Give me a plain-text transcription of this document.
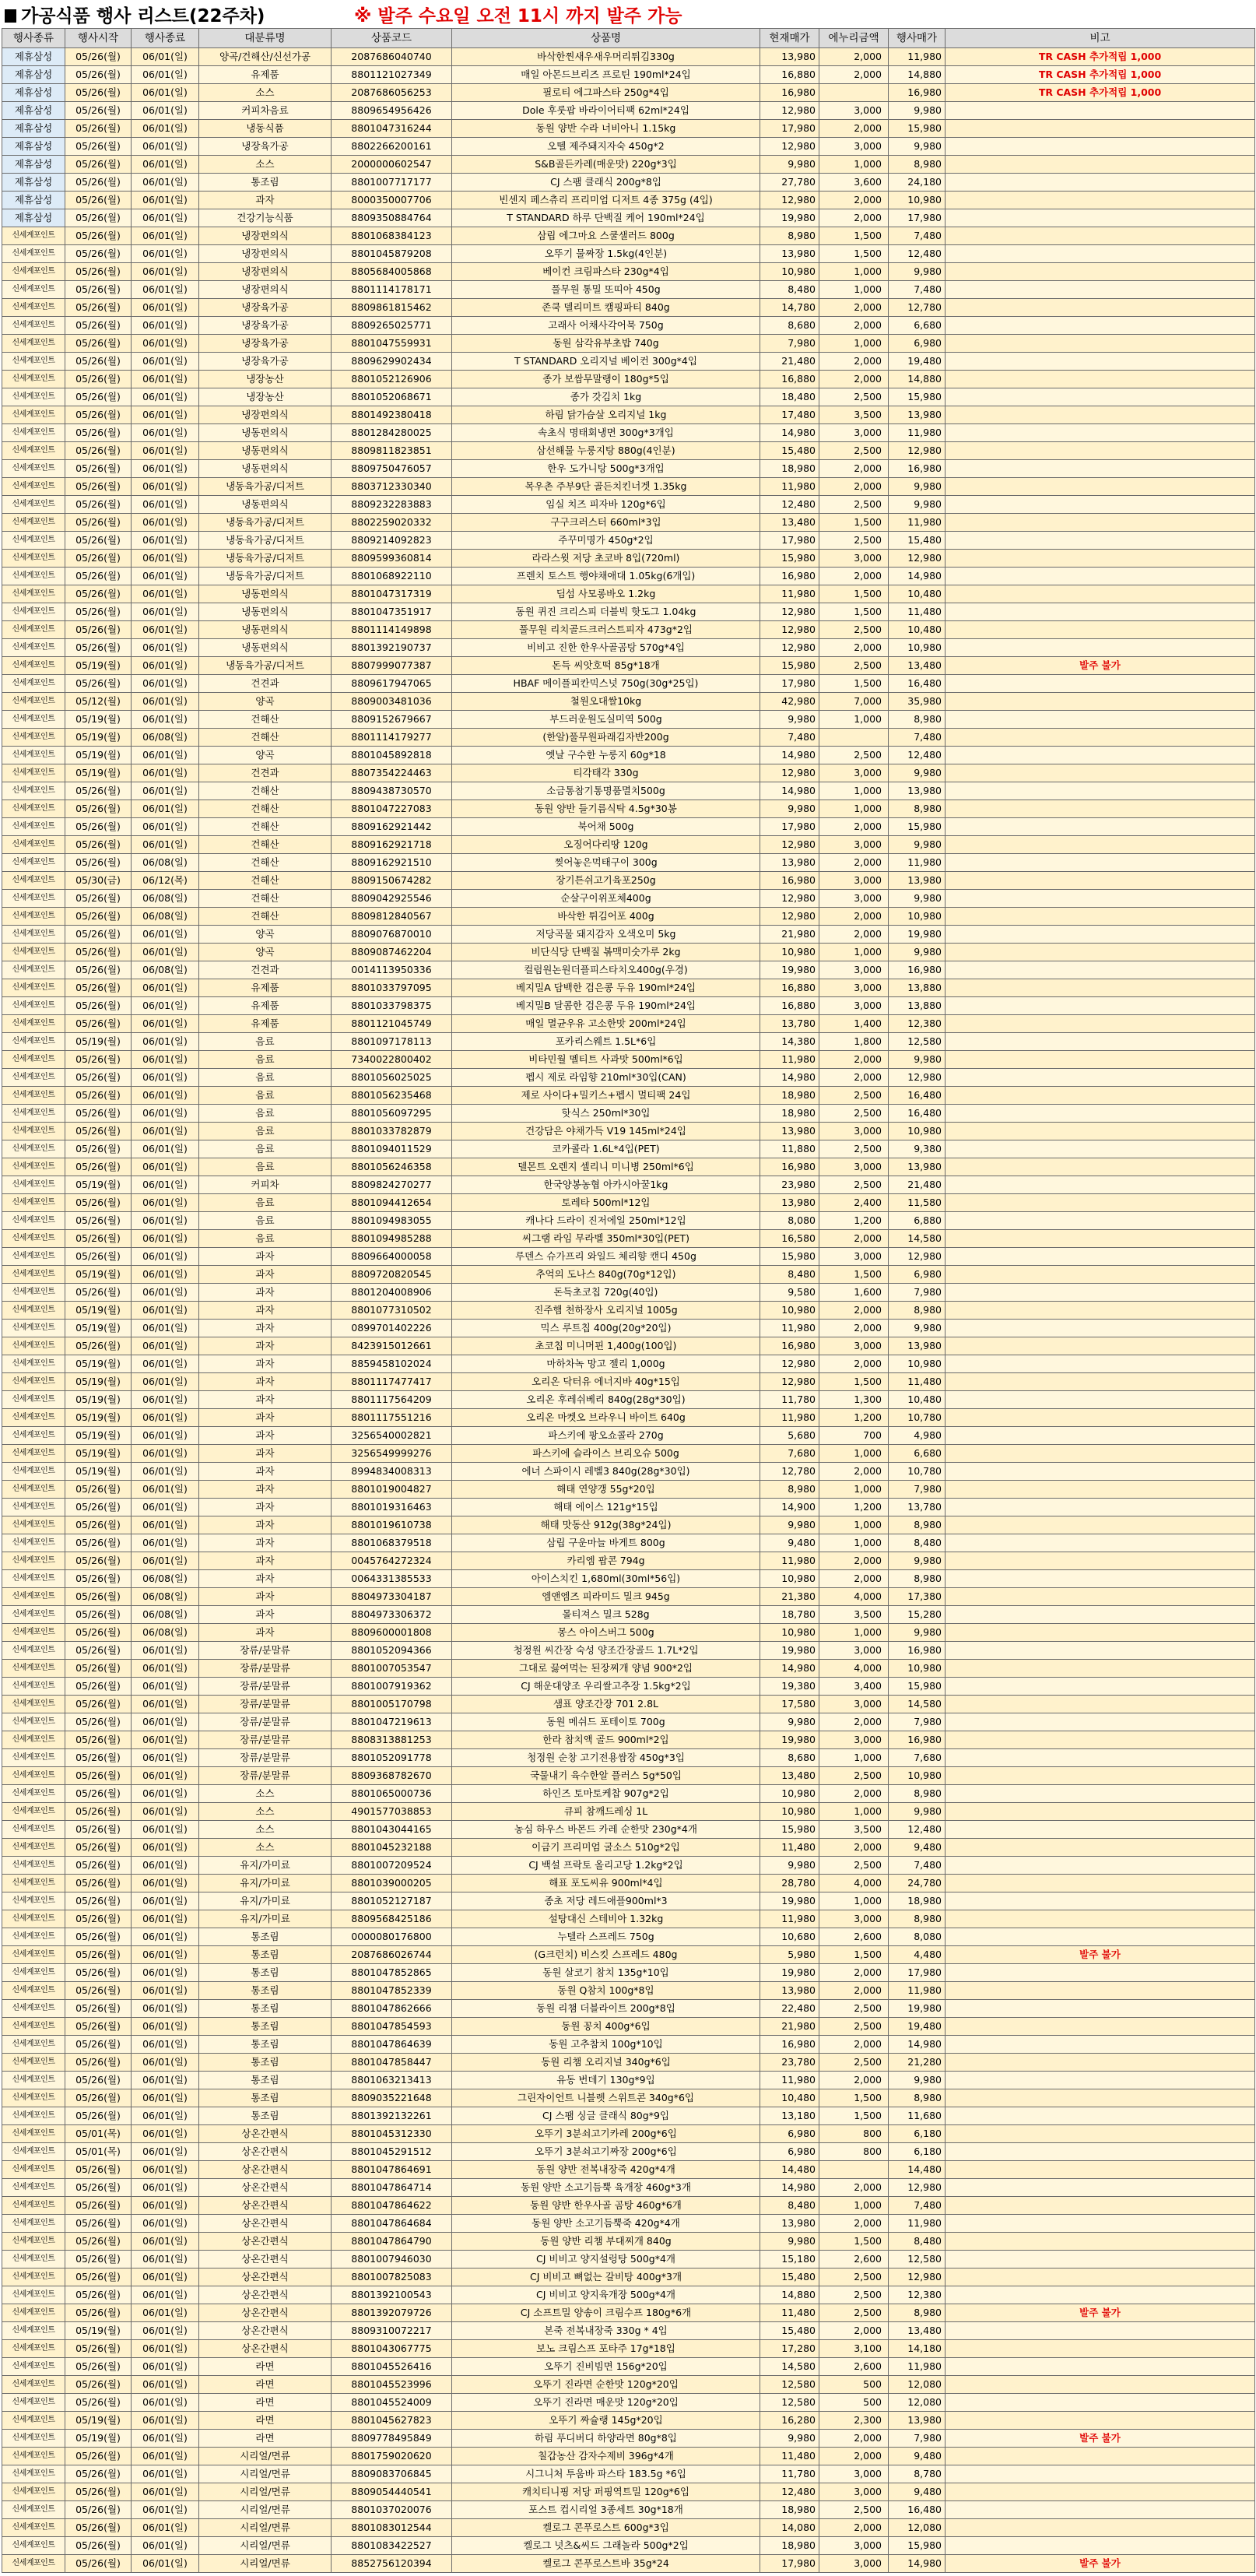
가공식품 행사 리스트(22주차)	※ 발주 수요일 오전 11시 까지 발주 가능
행사종류	행사시작	행사종료	대분류명	상품코드	상품명	현재매가	에누리금액	행사매가	비고
제휴삼성	05/26(월)	06/01(일)	양곡/건해산/신선가공	2087686040740	바삭한찐새우새우머리튀김330g	13,980	2,000	11,980	TR CASH 추가적립 1,000
제휴삼성	05/26(월)	06/01(일)	유제품	8801121027349	매일 아몬드브리즈 프로틴 190ml*24입	16,880	2,000	14,880	TR CASH 추가적립 1,000
제휴삼성	05/26(월)	06/01(일)	소스	2087686056253	필로티 에그파스타 250g*4입	16,980		16,980	TR CASH 추가적립 1,000
제휴삼성	05/26(월)	06/01(일)	커피차음료	8809654956426	Dole 후룻팝 바라이어티팩 62ml*24입	12,980	3,000	9,980	
제휴삼성	05/26(월)	06/01(일)	냉동식품	8801047316244	동원 양반 수라 너비아니 1.15kg	17,980	2,000	15,980	
제휴삼성	05/26(월)	06/01(일)	냉장육가공	8802266200161	오뗄 제주돼지자숙 450g*2	12,980	3,000	9,980	
제휴삼성	05/26(월)	06/01(일)	소스	2000000602547	S&B골든카레(매운맛) 220g*3입	9,980	1,000	8,980	
제휴삼성	05/26(월)	06/01(일)	통조림	8801007717177	CJ 스팸 클래식 200g*8입	27,780	3,600	24,180	
제휴삼성	05/26(월)	06/01(일)	과자	8000350007706	빈센지 페스츄리 프리미엄 디저트 4종 375g (4입)	12,980	2,000	10,980	
제휴삼성	05/26(월)	06/01(일)	건강기능식품	8809350884764	T STANDARD 하루 단백질 케어 190ml*24입	19,980	2,000	17,980	
신세계포인트	05/26(월)	06/01(일)	냉장편의식	8801068384123	삼립 에그마요 스쿨샐러드 800g	8,980	1,500	7,480	
신세계포인트	05/26(월)	06/01(일)	냉장편의식	8801045879208	오뚜기 물짜장 1.5kg(4인분)	13,980	1,500	12,480	
신세계포인트	05/26(월)	06/01(일)	냉장편의식	8805684005868	베이컨 크림파스타 230g*4입	10,980	1,000	9,980	
신세계포인트	05/26(월)	06/01(일)	냉장편의식	8801114178171	풀무원 통밀 또띠아 450g	8,480	1,000	7,480	
신세계포인트	05/26(월)	06/01(일)	냉장육가공	8809861815462	존쿡 델리미트 캠핑파티 840g	14,780	2,000	12,780	
신세계포인트	05/26(월)	06/01(일)	냉장육가공	8809265025771	고래사 어채사각어묵 750g	8,680	2,000	6,680	
신세계포인트	05/26(월)	06/01(일)	냉장육가공	8801047559931	동원 삼각유부초밥 740g	7,980	1,000	6,980	
신세계포인트	05/26(월)	06/01(일)	냉장육가공	8809629902434	T STANDARD 오리지널 베이컨 300g*4입	21,480	2,000	19,480	
신세계포인트	05/26(월)	06/01(일)	냉장농산	8801052126906	종가 보쌈무말랭이 180g*5입	16,880	2,000	14,880	
신세계포인트	05/26(월)	06/01(일)	냉장농산	8801052068671	종가 갓김치 1kg	18,480	2,500	15,980	
신세계포인트	05/26(월)	06/01(일)	냉장편의식	8801492380418	하림 닭가슴살 오리지널 1kg	17,480	3,500	13,980	
신세계포인트	05/26(월)	06/01(일)	냉동편의식	8801284280025	속초식 명태회냉면 300g*3개입	14,980	3,000	11,980	
신세계포인트	05/26(월)	06/01(일)	냉동편의식	8809811823851	삼선해물 누룽지탕 880g(4인분)	15,480	2,500	12,980	
신세계포인트	05/26(월)	06/01(일)	냉동편의식	8809750476057	한우 도가니탕 500g*3개입	18,980	2,000	16,980	
신세계포인트	05/26(월)	06/01(일)	냉동육가공/디저트	8803712330340	목우촌 주부9단 골든치킨너겟 1.35kg	11,980	2,000	9,980	
신세계포인트	05/26(월)	06/01(일)	냉동편의식	8809232283883	임실 치즈 피자바 120g*6입	12,480	2,500	9,980	
신세계포인트	05/26(월)	06/01(일)	냉동육가공/디저트	8802259020332	구구크러스터 660ml*3입	13,480	1,500	11,980	
신세계포인트	05/26(월)	06/01(일)	냉동육가공/디저트	8809214092823	주꾸미명가 450g*2입	17,980	2,500	15,480	
신세계포인트	05/26(월)	06/01(일)	냉동육가공/디저트	8809599360814	라라스윗 저당 초코바 8입(720ml)	15,980	3,000	12,980	
신세계포인트	05/26(월)	06/01(일)	냉동육가공/디저트	8801068922110	프렌치 토스트 행야채애대 1.05kg(6개입)	16,980	2,000	14,980	
신세계포인트	05/26(월)	06/01(일)	냉동편의식	8801047317319	딤섬 사모롱바오 1.2kg	11,980	1,500	10,480	
신세계포인트	05/26(월)	06/01(일)	냉동편의식	8801047351917	동원 퀴진 크리스피 더블빅 핫도그 1.04kg	12,980	1,500	11,480	
신세계포인트	05/26(월)	06/01(일)	냉동편의식	8801114149898	풀무원 리치골드크러스트피자 473g*2입	12,980	2,500	10,480	
신세계포인트	05/26(월)	06/01(일)	냉동편의식	8801392190737	비비고 진한 한우사골곰탕 570g*4입	12,980	2,000	10,980	
신세계포인트	05/19(월)	06/01(일)	냉동육가공/디저트	8807999077387	돈득 씨앗호떡 85g*18개	15,980	2,500	13,480	발주 불가
신세계포인트	05/26(월)	06/01(일)	건견과	8809617947065	HBAF 메이플피칸믹스넛 750g(30g*25입)	17,980	1,500	16,480	
신세계포인트	05/12(월)	06/01(일)	양곡	8809003481036	철원오대쌀10kg	42,980	7,000	35,980	
신세계포인트	05/19(월)	06/01(일)	건해산	8809152679667	부드러운원도실미역 500g	9,980	1,000	8,980	
신세계포인트	05/19(월)	06/08(일)	건해산	8801114179277	(한알)풀무원파래김자반200g	7,480		7,480	
신세계포인트	05/19(월)	06/01(일)	양곡	8801045892818	옛날 구수한 누룽지 60g*18	14,980	2,500	12,480	
신세계포인트	05/19(월)	06/01(일)	건견과	8807354224463	티각태각 330g	12,980	3,000	9,980	
신세계포인트	05/26(월)	06/01(일)	건해산	8809438730570	소금통참기통명품멸치500g	14,980	1,000	13,980	
신세계포인트	05/26(월)	06/01(일)	건해산	8801047227083	동원 양반 들기름식탁 4.5g*30봉	9,980	1,000	8,980	
신세계포인트	05/26(월)	06/01(일)	건해산	8809162921442	북어채 500g	17,980	2,000	15,980	
신세계포인트	05/26(월)	06/01(일)	건해산	8809162921718	오징어다리땅 120g	12,980	3,000	9,980	
신세계포인트	05/26(월)	06/08(일)	건해산	8809162921510	찢어놓은먹태구이 300g	13,980	2,000	11,980	
신세계포인트	05/30(금)	06/12(목)	건해산	8809150674282	장기튼쉬고기육포250g	16,980	3,000	13,980	
신세계포인트	05/26(월)	06/08(일)	건해산	8809042925546	순살구이위포체400g	12,980	3,000	9,980	
신세계포인트	05/26(월)	06/08(일)	건해산	8809812840567	바삭한 튀김어포 400g	12,980	2,000	10,980	
신세계포인트	05/26(월)	06/01(일)	양곡	8809076870010	저당곡물 돼지감자 오색오미 5kg	21,980	2,000	19,980	
신세계포인트	05/26(월)	06/01(일)	양곡	8809087462204	비단식당 단백질 볶맥미숫가루 2kg	10,980	1,000	9,980	
신세계포인트	05/26(월)	06/08(일)	건견과	0014113950336	컬럼원논원더플피스타치오400g(우경)	19,980	3,000	16,980	
신세계포인트	05/26(월)	06/01(일)	유제품	8801033797095	베지밀A 담백한 검은콩 두유 190ml*24입	16,880	3,000	13,880	
신세계포인트	05/26(월)	06/01(일)	유제품	8801033798375	베지밀B 달콤한 검은콩 두유 190ml*24입	16,880	3,000	13,880	
신세계포인트	05/26(월)	06/01(일)	유제품	8801121045749	매일 멸균우유 고소한맛 200ml*24입	13,780	1,400	12,380	
신세계포인트	05/19(월)	06/01(일)	음료	8801097178113	포카리스웨트 1.5L*6입	14,380	1,800	12,580	
신세계포인트	05/26(월)	06/01(일)	음료	7340022800402	비타민월 멜티트 사과맛 500ml*6입	11,980	2,000	9,980	
신세계포인트	05/26(월)	06/01(일)	음료	8801056025025	펩시 제로 라임향 210ml*30입(CAN)	14,980	2,000	12,980	
신세계포인트	05/26(월)	06/01(일)	음료	8801056235468	제로 사이다+밀키스+펩시 멀티팩 24입	18,980	2,500	16,480	
신세계포인트	05/26(월)	06/01(일)	음료	8801056097295	핫식스 250ml*30입	18,980	2,500	16,480	
신세계포인트	05/26(월)	06/01(일)	음료	8801033782879	건강담은 야채가득 V19 145ml*24입	13,980	3,000	10,980	
신세계포인트	05/26(월)	06/01(일)	음료	8801094011529	코카콜라 1.6L*4입(PET)	11,880	2,500	9,380	
신세계포인트	05/26(월)	06/01(일)	음료	8801056246358	델몬트 오렌지 셀리니 미니병 250ml*6입	16,980	3,000	13,980	
신세계포인트	05/19(월)	06/01(일)	커피차	8809824270277	한국양봉농협 아카시아꿀1kg	23,980	2,500	21,480	
신세계포인트	05/26(월)	06/01(일)	음료	8801094412654	토레타 500ml*12입	13,980	2,400	11,580	
신세계포인트	05/26(월)	06/01(일)	음료	8801094983055	캐나다 드라이 진저에일 250ml*12입	8,080	1,200	6,880	
신세계포인트	05/26(월)	06/01(일)	음료	8801094985288	씨그램 라임 무라벨 350ml*30입(PET)	16,580	2,000	14,580	
신세계포인트	05/26(월)	06/01(일)	과자	8809664000058	루덴스 슈가프리 와일드 체리향 캔디 450g	15,980	3,000	12,980	
신세계포인트	05/19(월)	06/01(일)	과자	8809720820545	추억의 도나스 840g(70g*12입)	8,480	1,500	6,980	
신세계포인트	05/26(월)	06/01(일)	과자	8801204008906	돈득초코칩 720g(40입)	9,580	1,600	7,980	
신세계포인트	05/19(월)	06/01(일)	과자	8801077310502	진주햄 천하장사 오리지널 1005g	10,980	2,000	8,980	
신세계포인트	05/19(월)	06/01(일)	과자	0899701402226	믹스 루트칩 400g(20g*20입)	11,980	2,000	9,980	
신세계포인트	05/26(월)	06/01(일)	과자	8423915012661	초코칩 미니머핀 1,400g(100입)	16,980	3,000	13,980	
신세계포인트	05/19(월)	06/01(일)	과자	8859458102024	마하차녹 망고 젤리 1,000g	12,980	2,000	10,980	
신세계포인트	05/19(월)	06/01(일)	과자	8801117477417	오리온 닥터유 에너지바 40g*15입	12,980	1,500	11,480	
신세계포인트	05/19(월)	06/01(일)	과자	8801117564209	오리온 후레쉬베리 840g(28g*30입)	11,780	1,300	10,480	
신세계포인트	05/19(월)	06/01(일)	과자	8801117551216	오리온 마켓오 브라우니 바이트 640g	11,980	1,200	10,780	
신세계포인트	05/19(월)	06/01(일)	과자	3256540002821	파스키에 팡오쇼콜라 270g	5,680	700	4,980	
신세계포인트	05/19(월)	06/01(일)	과자	3256549999276	파스키에 슬라이스 브리오슈 500g	7,680	1,000	6,680	
신세계포인트	05/19(월)	06/01(일)	과자	8994834008313	에너 스파이시 레벨3 840g(28g*30입)	12,780	2,000	10,780	
신세계포인트	05/26(월)	06/01(일)	과자	8801019004827	해태 연양갱 55g*20입	8,980	1,000	7,980	
신세계포인트	05/26(월)	06/01(일)	과자	8801019316463	해태 에이스 121g*15입	14,900	1,200	13,780	
신세계포인트	05/26(월)	06/01(일)	과자	8801019610738	해태 맛동산 912g(38g*24입)	9,980	1,000	8,980	
신세계포인트	05/26(월)	06/01(일)	과자	8801068379518	삼립 구운마늘 바게트 800g	9,480	1,000	8,480	
신세계포인트	05/26(월)	06/01(일)	과자	0045764272324	카리엠 팝콘 794g	11,980	2,000	9,980	
신세계포인트	05/26(월)	06/08(일)	과자	0064331385533	아이스치킨 1,680ml(30ml*56입)	10,980	2,000	8,980	
신세계포인트	05/26(월)	06/08(일)	과자	8804973304187	엠앤엠즈 피라미드 밀크 945g	21,380	4,000	17,380	
신세계포인트	05/26(월)	06/08(일)	과자	8804973306372	몰티져스 밀크 528g	18,780	3,500	15,280	
신세계포인트	05/26(월)	06/08(일)	과자	8809600001808	몽스 아이스버그 500g	10,980	1,000	9,980	
신세계포인트	05/26(월)	06/01(일)	장류/분말류	8801052094366	청정원 씨간장 숙성 양조간장골드 1.7L*2입	19,980	3,000	16,980	
신세계포인트	05/26(월)	06/01(일)	장류/분말류	8801007053547	그대로 끓여먹는 된장찌개 양념 900*2입	14,980	4,000	10,980	
신세계포인트	05/26(월)	06/01(일)	장류/분말류	8801007919362	CJ 해운대양조 우리쌀고추장 1.5kg*2입	19,380	3,400	15,980	
신세계포인트	05/26(월)	06/01(일)	장류/분말류	8801005170798	샘표 양조간장 701 2.8L	17,580	3,000	14,580	
신세계포인트	05/26(월)	06/01(일)	장류/분말류	8801047219613	동원 메쉬드 포테이토 700g	9,980	2,000	7,980	
신세계포인트	05/26(월)	06/01(일)	장류/분말류	8808313881253	한라 참치액 골드 900ml*2입	19,980	3,000	16,980	
신세계포인트	05/26(월)	06/01(일)	장류/분말류	8801052091778	청정원 순창 고기전용쌈장 450g*3입	8,680	1,000	7,680	
신세계포인트	05/26(월)	06/01(일)	장류/분말류	8809368782670	국물내기 육수한알 플러스 5g*50입	13,480	2,500	10,980	
신세계포인트	05/26(월)	06/01(일)	소스	8801065000736	하인즈 토마토케찹 907g*2입	10,980	2,000	8,980	
신세계포인트	05/26(월)	06/01(일)	소스	4901577038853	큐피 참깨드레싱 1L	10,980	1,000	9,980	
신세계포인트	05/26(월)	06/01(일)	소스	8801043044165	농심 하우스 바몬드 카레 순한맛 230g*4개	15,980	3,500	12,480	
신세계포인트	05/26(월)	06/01(일)	소스	8801045232188	이금기 프리미엄 굴소스 510g*2입	11,480	2,000	9,480	
신세계포인트	05/26(월)	06/01(일)	유지/가미료	8801007209524	CJ 백설 프락토 올리고당 1.2kg*2입	9,980	2,500	7,480	
신세계포인트	05/26(월)	06/01(일)	유지/가미료	8801039000205	해표 포도씨유 900ml*4입	28,780	4,000	24,780	
신세계포인트	05/26(월)	06/01(일)	유지/가미료	8801052127187	종초 저당 레드애플900ml*3	19,980	1,000	18,980	
신세계포인트	05/26(월)	06/01(일)	유지/가미료	8809568425186	설탕대신 스테비아 1.32kg	11,980	3,000	8,980	
신세계포인트	05/26(월)	06/01(일)	통조림	0000080176800	누텔라 스프레드 750g	10,680	2,600	8,080	
신세계포인트	05/26(월)	06/01(일)	통조림	2087686026744	(G크런치) 비스킷 스프레드 480g	5,980	1,500	4,480	발주 불가
신세계포인트	05/26(월)	06/01(일)	통조림	8801047852865	동원 살코기 참치 135g*10입	19,980	2,000	17,980	
신세계포인트	05/26(월)	06/01(일)	통조림	8801047852339	동원 Q참치 100g*8입	13,980	2,000	11,980	
신세계포인트	05/26(월)	06/01(일)	통조림	8801047862666	동원 리챔 더블라이트 200g*8입	22,480	2,500	19,980	
신세계포인트	05/26(월)	06/01(일)	통조림	8801047854593	동원 꽁치 400g*6입	21,980	2,500	19,480	
신세계포인트	05/26(월)	06/01(일)	통조림	8801047864639	동원 고추참치 100g*10입	16,980	2,000	14,980	
신세계포인트	05/26(월)	06/01(일)	통조림	8801047858447	동원 리챔 오리지널 340g*6입	23,780	2,500	21,280	
신세계포인트	05/26(월)	06/01(일)	통조림	8801063213413	유동 번데기 130g*9입	11,980	2,000	9,980	
신세계포인트	05/26(월)	06/01(일)	통조림	8809035221648	그린자이언트 니블렛 스위트콘 340g*6입	10,480	1,500	8,980	
신세계포인트	05/26(월)	06/01(일)	통조림	8801392132261	CJ 스팸 싱글 클래식 80g*9입	13,180	1,500	11,680	
신세계포인트	05/01(목)	06/01(일)	상온간편식	8801045312330	오뚜기 3분쇠고기카레 200g*6입	6,980	800	6,180	
신세계포인트	05/01(목)	06/01(일)	상온간편식	8801045291512	오뚜기 3분쇠고기짜장 200g*6입	6,980	800	6,180	
신세계포인트	05/26(월)	06/01(일)	상온간편식	8801047864691	동원 양반 전복내장죽 420g*4개	14,480		14,480	
신세계포인트	05/26(월)	06/01(일)	상온간편식	8801047864714	동원 양반 소고기듬뿍 육개장 460g*3개	14,980	2,000	12,980	
신세계포인트	05/26(월)	06/01(일)	상온간편식	8801047864622	동원 양반 한우사골 곰탕 460g*6개	8,480	1,000	7,480	
신세계포인트	05/26(월)	06/01(일)	상온간편식	8801047864684	동원 양반 소고기듬뿍죽 420g*4개	13,980	2,000	11,980	
신세계포인트	05/26(월)	06/01(일)	상온간편식	8801047864790	동원 양반 리챔 부대찌개 840g	9,980	1,500	8,480	
신세계포인트	05/26(월)	06/01(일)	상온간편식	8801007946030	CJ 비비고 양지설렁탕 500g*4개	15,180	2,600	12,580	
신세계포인트	05/26(월)	06/01(일)	상온간편식	8801007825083	CJ 비비고 뼈없는 갈비탕 400g*3개	15,480	2,500	12,980	
신세계포인트	05/26(월)	06/01(일)	상온간편식	8801392100543	CJ 비비고 양지육개장 500g*4개	14,880	2,500	12,380	
신세계포인트	05/26(월)	06/01(일)	상온간편식	8801392079726	CJ 소프트밀 양송이 크림수프 180g*6개	11,480	2,500	8,980	발주 불가
신세계포인트	05/19(월)	06/01(일)	상온간편식	8809310072217	본죽 전복내장죽 330g * 4입	15,480	2,000	13,480	
신세계포인트	05/26(월)	06/01(일)	상온간편식	8801043067775	보노 크림스프 포타주 17g*18입	17,280	3,100	14,180	
신세계포인트	05/26(월)	06/01(일)	라면	8801045526416	오뚜기 진비빔면 156g*20입	14,580	2,600	11,980	
신세계포인트	05/26(월)	06/01(일)	라면	8801045523996	오뚜기 진라면 순한맛 120g*20입	12,580	500	12,080	
신세계포인트	05/26(월)	06/01(일)	라면	8801045524009	오뚜기 진라면 매운맛 120g*20입	12,580	500	12,080	
신세계포인트	05/19(월)	06/01(일)	라면	8801045627823	오뚜기 짜슐랭 145g*20입	16,280	2,300	13,980	
신세계포인트	05/19(월)	06/01(일)	라면	8809778495849	하림 푸디버디 하양라면 80g*8입	9,980	2,000	7,980	발주 불가
신세계포인트	05/26(월)	06/01(일)	시리얼/면류	8801759020620	칠갑농산 감자수제비 396g*4개	11,480	2,000	9,480	
신세계포인트	05/26(월)	06/01(일)	시리얼/면류	8809083706845	시그니처 투움바 파스타 183.5g *6입	11,780	3,000	8,780	
신세계포인트	05/26(월)	06/01(일)	시리얼/면류	8809054440541	캐치티니핑 저당 퍼핑역트밀 120g*6입	12,480	3,000	9,480	
신세계포인트	05/26(월)	06/01(일)	시리얼/면류	8801037020076	포스트 컵시리얼 3종세트 30g*18개	18,980	2,500	16,480	
신세계포인트	05/26(월)	06/01(일)	시리얼/면류	8801083012544	켈로그 콘푸로스트 600g*3입	14,080	2,000	12,080	
신세계포인트	05/26(월)	06/01(일)	시리얼/면류	8801083422527	켈로그 넛츠&씨드 그래놀라 500g*2입	18,980	3,000	15,980	
신세계포인트	05/26(월)	06/01(일)	시리얼/면류	8852756120394	켈로그 콘푸로스트바 35g*24	17,980	3,000	14,980	발주 불가
